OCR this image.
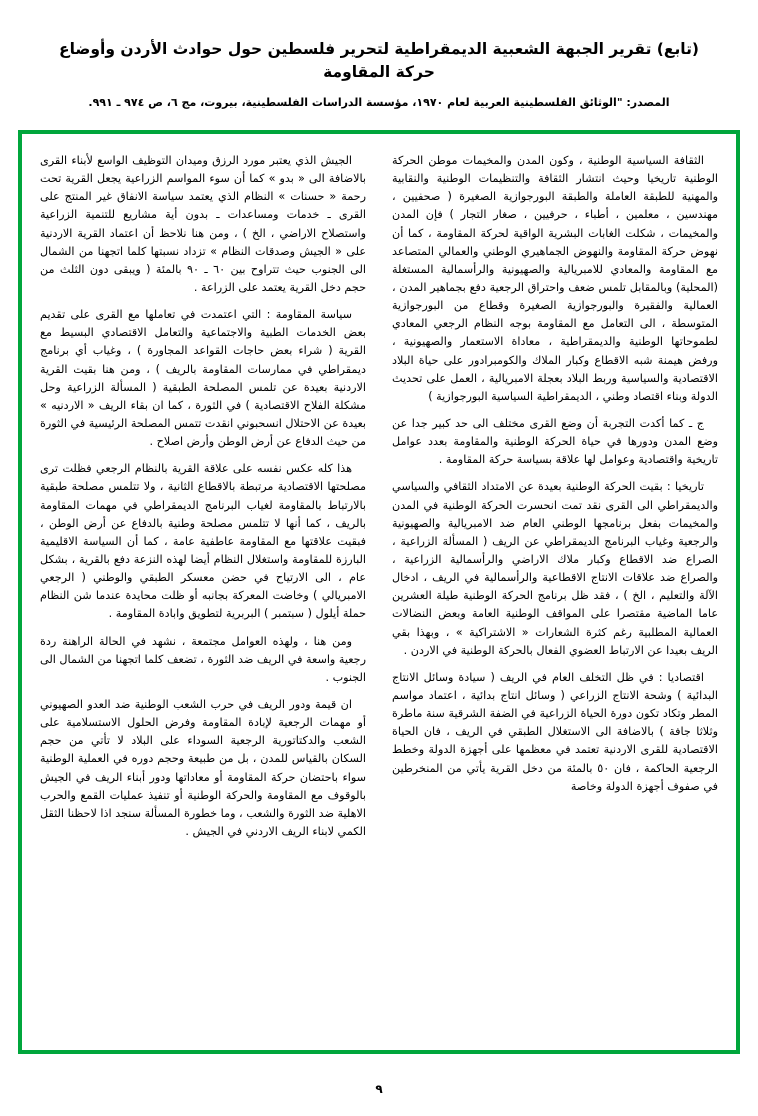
(تابع) تقرير الجبهة الشعبية الديمقراطية لتحرير فلسطين حول حوادث الأردن وأوضاع حركة المقاومة
المصدر: "الوثائق الفلسطينية العربية لعام ١٩٧٠، مؤسسة الدراسات الفلسطينية، بيروت، مج ٦، ص ٩٧٤ ـ ٩٩١.

الثقافة السياسية الوطنية ، وكون المدن والمخيمات موطن الحركة الوطنية تاريخيا وحيث انتشار الثقافة والتنظيمات الوطنية والنقابية والمهنية للطبقة العاملة والطبقة البورجوازية الصغيرة ( صحفيين ، مهندسين ، معلمين ، أطباء ، حرفيين ، صغار التجار ) فإن المدن والمخيمات ، شكلت الغابات البشرية الواقية لحركة المقاومة ، كما أن نهوض حركة المقاومة والنهوض الجماهيري الوطني والعمالي المتصاعد مع المقاومة والمعادي للامبريالية والصهيونية والرأسمالية المستغلة (المحلية) وبالمقابل تلمس ضعف واحتراق الرجعية دفع بجماهير المدن ، العمالية والفقيرة والبورجوازية الصغيرة وقطاع من البورجوازية المتوسطة ، الى التعامل مع المقاومة بوجه النظام الرجعي المعادي لطموحاتها الوطنية والديمقراطية ، معاداة الاستعمار والصهيونية ، ورفض هيمنة شبه الاقطاع وكبار الملاك والكومبرادور على حياة البلاد الاقتصادية والسياسية وربط البلاد بعجلة الامبريالية ، العمل على تحديث الدولة وبناء اقتصاد وطني ، الديمقراطية السياسية البورجوازية )

ج ـ كما أكدت التجربة أن وضع القرى مختلف الى حد كبير جدا عن وضع المدن ودورها في حياة الحركة الوطنية والمقاومة بعدد عوامل تاريخية واقتصادية وعوامل لها علاقة بسياسة حركة المقاومة .

تاريخيا : بقيت الحركة الوطنية بعيدة عن الامتداد الثقافي والسياسي والديمقراطي الى القرى نقد تمت انحسرت الحركة الوطنية في المدن والمخيمات بفعل برنامجها الوطني العام ضد الامبريالية والصهيونية والرجعية وغياب البرنامج الديمقراطي عن الريف ( المسألة الزراعية ، الصراع ضد الاقطاع وكبار ملاك الاراضي والرأسمالية الزراعية ، والصراع ضد علاقات الانتاج الاقطاعية والرأسمالية في الريف ، ادخال الآلة والتعليم ، الخ ) ، فقد ظل برنامج الحركة الوطنية طيلة العشرين عاما الماضية مقتصرا على المواقف الوطنية العامة وبعض النضالات العمالية المطلبية رغم كثرة الشعارات « الاشتراكية » ، وبهذا بقي الريف بعيدا عن الارتباط العضوي الفعال بالحركة الوطنية في الاردن .

اقتصاديا : في ظل التخلف العام في الريف ( سيادة وسائل الانتاج البدائية ) وشحة الانتاج الزراعي ( وسائل انتاج بدائية ، اعتماد مواسم المطر وتكاد تكون دورة الحياة الزراعية في الضفة الشرقية سنة ماطرة وثلاثا جافة ) بالاضافة الى الاستغلال الطبقي في الريف ، فان الحياة الاقتصادية للقرى الاردنية تعتمد في معظمها على أجهزة الدولة وخطط الرجعية الحاكمة ، فان ٥٠ بالمئة من دخل القرية يأتي من المنخرطين في صفوف أجهزة الدولة وخاصة

الجيش الذي يعتبر مورد الرزق وميدان التوظيف الواسع لأبناء القرى بالاضافة الى « بدو » كما أن سوء المواسم الزراعية يجعل القرية تحت رحمة « حسنات » النظام الذي يعتمد سياسة الانفاق غير المنتج على القرى ـ خدمات ومساعدات ـ بدون أية مشاريع للتنمية الزراعية واستصلاح الاراضي ، الخ ) ، ومن هنا نلاحظ أن اعتماد القرية الاردنية على « الجيش وصدقات النظام » تزداد نسبتها كلما اتجهنا من الشمال الى الجنوب حيث تتراوح بين ٦٠ ـ ٩٠ بالمئة ( ويبقى دون الثلث من حجم دخل القرية يعتمد على الزراعة .

سياسة المقاومة : التي اعتمدت في تعاملها مع القرى على تقديم بعض الخدمات الطبية والاجتماعية والتعامل الاقتصادي البسيط مع القرية ( شراء بعض حاجات القواعد المجاورة ) ، وغياب أي برنامج ديمقراطي في ممارسات المقاومة بالريف ) ، ومن هنا بقيت القرية الاردنية بعيدة عن تلمس المصلحة الطبقية ( المسألة الزراعية وحل مشكلة الفلاح الاقتصادية ) في الثورة ، كما ان بقاء الريف « الاردنيه » بعيدة عن الاحتلال انسحبوني انقدت تتمس المصلحة الرئيسية في الثورة من حيث الدفاع عن أرض الوطن وأرض اصلاح .

هذا كله عكس نفسه على علاقة القرية بالنظام الرجعي فظلت ترى مصلحتها الاقتصادية مرتبطة بالاقطاع الثانية ، ولا تتلمس مصلحة طبقية بالارتباط بالمقاومة لغياب البرنامج الديمقراطي في مهمات المقاومة بالريف ، كما أنها لا تتلمس مصلحة وطنية بالدفاع عن أرض الوطن ، فبقيت علاقتها مع المقاومة عاطفية عامة ، كما أن السياسة الاقليمية البارزة للمقاومة واستغلال النظام أيضا لهذه النزعة دفع بالقرية ، بشكل عام ، الى الارتياح في حضن معسكر الطبقي والوطني ( الرجعي الامبريالي ) وخاضت المعركة بجانبه أو ظلت محايدة عندما شن النظام حملة أيلول ( سبتمبر ) البربرية لتطويق وابادة المقاومة .

ومن هنا ، ولهذه العوامل مجتمعة ، نشهد في الحالة الراهنة ردة رجعية واسعة في الريف ضد الثورة ، تضعف كلما اتجهنا من الشمال الى الجنوب .

ان قيمة ودور الريف في حرب الشعب الوطنية ضد العدو الصهيوني أو مهمات الرجعية لإبادة المقاومة وفرض الحلول الاستسلامية على الشعب والدكتاتورية الرجعية السوداء على البلاد لا تأتي من حجم السكان بالقياس للمدن ، بل من طبيعة وحجم دوره في العملية الوطنية سواء باحتضان حركة المقاومة أو معاداتها ودور أبناء الريف في الجيش بالوقوف مع المقاومة والحركة الوطنية أو تنفيذ عمليات القمع والحرب الاهلية ضد الثورة والشعب ، وما خطورة المسألة سنجد اذا لاحظنا الثقل الكمي لابناء الريف الاردني في الجيش .

٩
